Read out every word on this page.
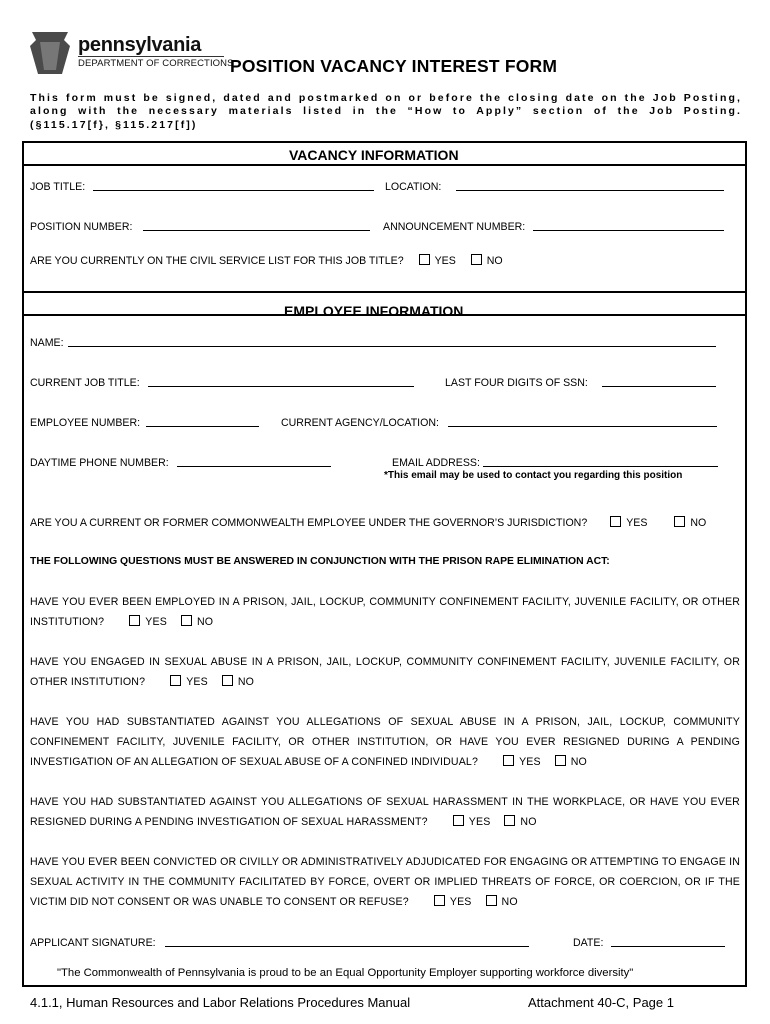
pennsylvania
DEPARTMENT OF CORRECTIONS
POSITION VACANCY INTEREST FORM
This form must be signed, dated and postmarked on or before the closing date on the Job Posting, along with the necessary materials listed in the “How to Apply” section of the Job Posting. (§115.17[f}, §115.217[f])
VACANCY INFORMATION
JOB TITLE:	LOCATION:
POSITION NUMBER:	ANNOUNCEMENT NUMBER:
ARE YOU CURRENTLY ON THE CIVIL SERVICE LIST FOR THIS JOB TITLE?	YES	NO
EMPLOYEE INFORMATION
NAME:
CURRENT JOB TITLE:	LAST FOUR DIGITS OF SSN:
EMPLOYEE NUMBER:	CURRENT AGENCY/LOCATION:
DAYTIME PHONE NUMBER:	EMAIL ADDRESS:
*This email may be used to contact you regarding this position
ARE YOU A CURRENT OR FORMER COMMONWEALTH EMPLOYEE UNDER THE GOVERNOR’S JURISDICTION?	YES	NO
THE FOLLOWING QUESTIONS MUST BE ANSWERED IN CONJUNCTION WITH THE PRISON RAPE ELIMINATION ACT:
HAVE YOU EVER BEEN EMPLOYED IN A PRISON, JAIL, LOCKUP, COMMUNITY CONFINEMENT FACILITY, JUVENILE FACILITY, OR OTHER INSTITUTION?	YES	NO
HAVE YOU ENGAGED IN SEXUAL ABUSE IN A PRISON, JAIL, LOCKUP, COMMUNITY CONFINEMENT FACILITY, JUVENILE FACILITY, OR OTHER INSTITUTION?	YES	NO
HAVE YOU HAD SUBSTANTIATED AGAINST YOU ALLEGATIONS OF SEXUAL ABUSE IN A PRISON, JAIL, LOCKUP, COMMUNITY CONFINEMENT FACILITY, JUVENILE FACILITY, OR OTHER INSTITUTION, OR HAVE YOU EVER RESIGNED DURING A PENDING INVESTIGATION OF AN ALLEGATION OF SEXUAL ABUSE OF A CONFINED INDIVIDUAL?	YES	NO
HAVE YOU HAD SUBSTANTIATED AGAINST YOU ALLEGATIONS OF SEXUAL HARASSMENT IN THE WORKPLACE, OR HAVE YOU EVER RESIGNED DURING A PENDING INVESTIGATION OF SEXUAL HARASSMENT?	YES	NO
HAVE YOU EVER BEEN CONVICTED OR CIVILLY OR ADMINISTRATIVELY ADJUDICATED FOR ENGAGING OR ATTEMPTING TO ENGAGE IN SEXUAL ACTIVITY IN THE COMMUNITY FACILITATED BY FORCE, OVERT OR IMPLIED THREATS OF FORCE, OR COERCION, OR IF THE VICTIM DID NOT CONSENT OR WAS UNABLE TO CONSENT OR REFUSE?	YES	NO
APPLICANT SIGNATURE:	DATE:
"The Commonwealth of Pennsylvania is proud to be an Equal Opportunity Employer supporting workforce diversity"
4.1.1, Human Resources and Labor Relations Procedures Manual	Attachment 40-C, Page 1
